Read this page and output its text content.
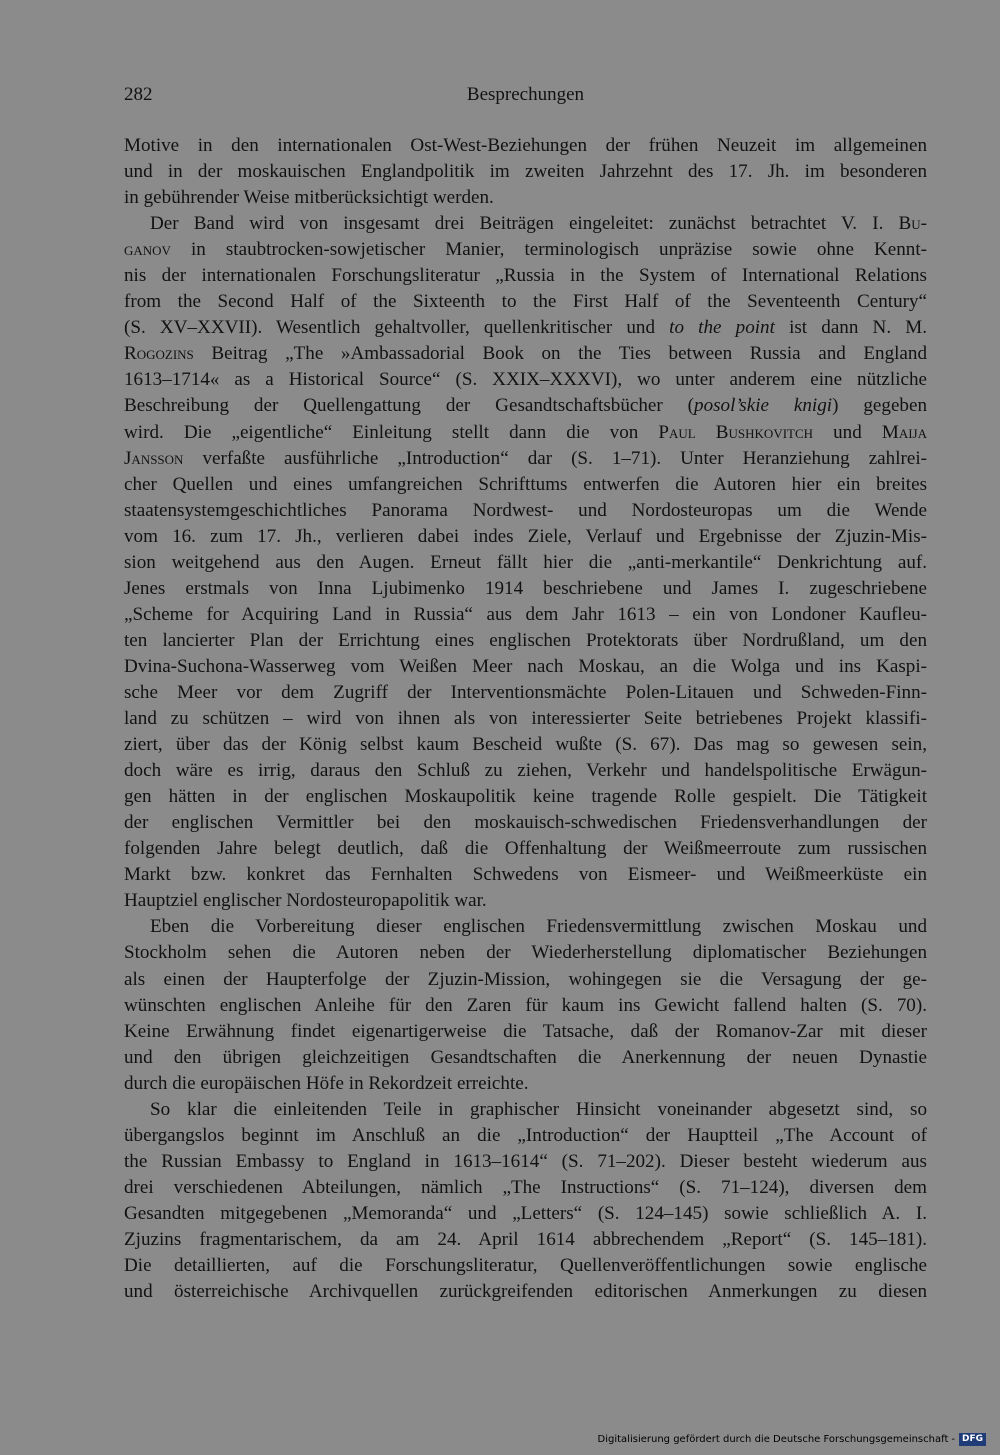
282	Besprechungen
Motive in den internationalen Ost-West-Beziehungen der frühen Neuzeit im allgemeinen
und in der moskauischen Englandpolitik im zweiten Jahrzehnt des 17. Jh. im besonderen
in gebührender Weise mitberücksichtigt werden.
Der Band wird von insgesamt drei Beiträgen eingeleitet: zunächst betrachtet V. I. Bu-
ganov in staubtrocken-sowjetischer Manier, terminologisch unpräzise sowie ohne Kennt-
nis der internationalen Forschungsliteratur „Russia in the System of International Relations
from the Second Half of the Sixteenth to the First Half of the Seventeenth Century“
(S. XV–XXVII). Wesentlich gehaltvoller, quellenkritischer und to the point ist dann N. M.
Rogozins Beitrag „The »Ambassadorial Book on the Ties between Russia and England
1613–1714« as a Historical Source“ (S. XXIX–XXXVI), wo unter anderem eine nützliche
Beschreibung der Quellengattung der Gesandtschaftsbücher (posol’skie knigi) gegeben
wird. Die „eigentliche“ Einleitung stellt dann die von Paul Bushkovitch und Maija
Jansson verfaßte ausführliche „Introduction“ dar (S. 1–71). Unter Heranziehung zahlrei-
cher Quellen und eines umfangreichen Schrifttums entwerfen die Autoren hier ein breites
staatensystemgeschichtliches Panorama Nordwest- und Nordosteuropas um die Wende
vom 16. zum 17. Jh., verlieren dabei indes Ziele, Verlauf und Ergebnisse der Zjuzin-Mis-
sion weitgehend aus den Augen. Erneut fällt hier die „anti-merkantile“ Denkrichtung auf.
Jenes erstmals von Inna Ljubimenko 1914 beschriebene und James I. zugeschriebene
„Scheme for Acquiring Land in Russia“ aus dem Jahr 1613 – ein von Londoner Kaufleu-
ten lancierter Plan der Errichtung eines englischen Protektorats über Nordrußland, um den
Dvina-Suchona-Wasserweg vom Weißen Meer nach Moskau, an die Wolga und ins Kaspi-
sche Meer vor dem Zugriff der Interventionsmächte Polen-Litauen und Schweden-Finn-
land zu schützen – wird von ihnen als von interessierter Seite betriebenes Projekt klassifi-
ziert, über das der König selbst kaum Bescheid wußte (S. 67). Das mag so gewesen sein,
doch wäre es irrig, daraus den Schluß zu ziehen, Verkehr und handelspolitische Erwägun-
gen hätten in der englischen Moskaupolitik keine tragende Rolle gespielt. Die Tätigkeit
der englischen Vermittler bei den moskauisch-schwedischen Friedensverhandlungen der
folgenden Jahre belegt deutlich, daß die Offenhaltung der Weißmeerroute zum russischen
Markt bzw. konkret das Fernhalten Schwedens von Eismeer- und Weißmeerküste ein
Hauptziel englischer Nordosteuropapolitik war.
Eben die Vorbereitung dieser englischen Friedensvermittlung zwischen Moskau und
Stockholm sehen die Autoren neben der Wiederherstellung diplomatischer Beziehungen
als einen der Haupterfolge der Zjuzin-Mission, wohingegen sie die Versagung der ge-
wünschten englischen Anleihe für den Zaren für kaum ins Gewicht fallend halten (S. 70).
Keine Erwähnung findet eigenartigerweise die Tatsache, daß der Romanov-Zar mit dieser
und den übrigen gleichzeitigen Gesandtschaften die Anerkennung der neuen Dynastie
durch die europäischen Höfe in Rekordzeit erreichte.
So klar die einleitenden Teile in graphischer Hinsicht voneinander abgesetzt sind, so
übergangslos beginnt im Anschluß an die „Introduction“ der Hauptteil „The Account of
the Russian Embassy to England in 1613–1614“ (S. 71–202). Dieser besteht wiederum aus
drei verschiedenen Abteilungen, nämlich „The Instructions“ (S. 71–124), diversen dem
Gesandten mitgegebenen „Memoranda“ und „Letters“ (S. 124–145) sowie schließlich A. I.
Zjuzins fragmentarischem, da am 24. April 1614 abbrechendem „Report“ (S. 145–181).
Die detaillierten, auf die Forschungsliteratur, Quellenveröffentlichungen sowie englische
und österreichische Archivquellen zurückgreifenden editorischen Anmerkungen zu diesen
Digitalisierung gefördert durch die Deutsche Forschungsgemeinschaft - DFG
